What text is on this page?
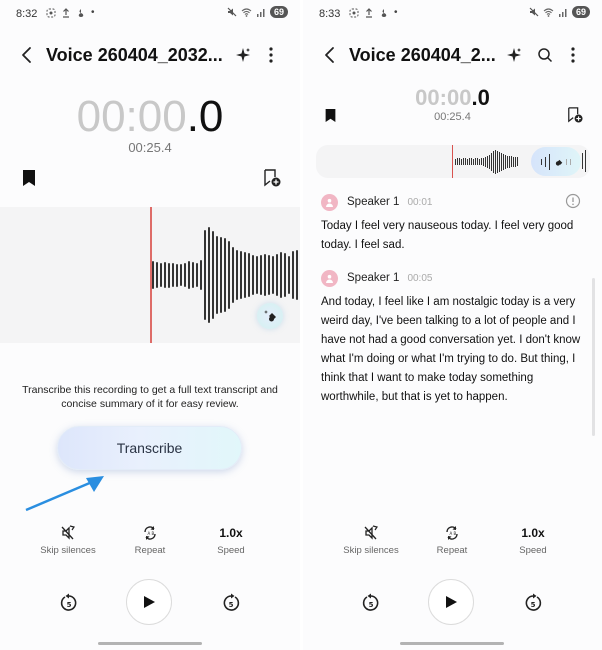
8:32	•	69
Voice 260404_2032...
00:00.0
00:25.4
Transcribe this recording to get a full text transcript and concise summary of it for easy review.
Transcribe
Skip silences
A B
Repeat
1.0x
Speed
5	5
8:33	•	69
Voice 260404_2...
00:00.0
00:25.4
Speaker 1 00:01
Today I feel very nauseous today. I feel very good today. I feel sad.
Speaker 1 00:05
And today, I feel like I am nostalgic today is a very weird day, I've been talking to a lot of people and I have not had a good conversation yet. I don't know what I'm doing or what I'm trying to do. But thing, I think that I want to make today something worthwhile, but that is yet to happen.
Skip silences
A B
Repeat
1.0x
Speed
5	5
